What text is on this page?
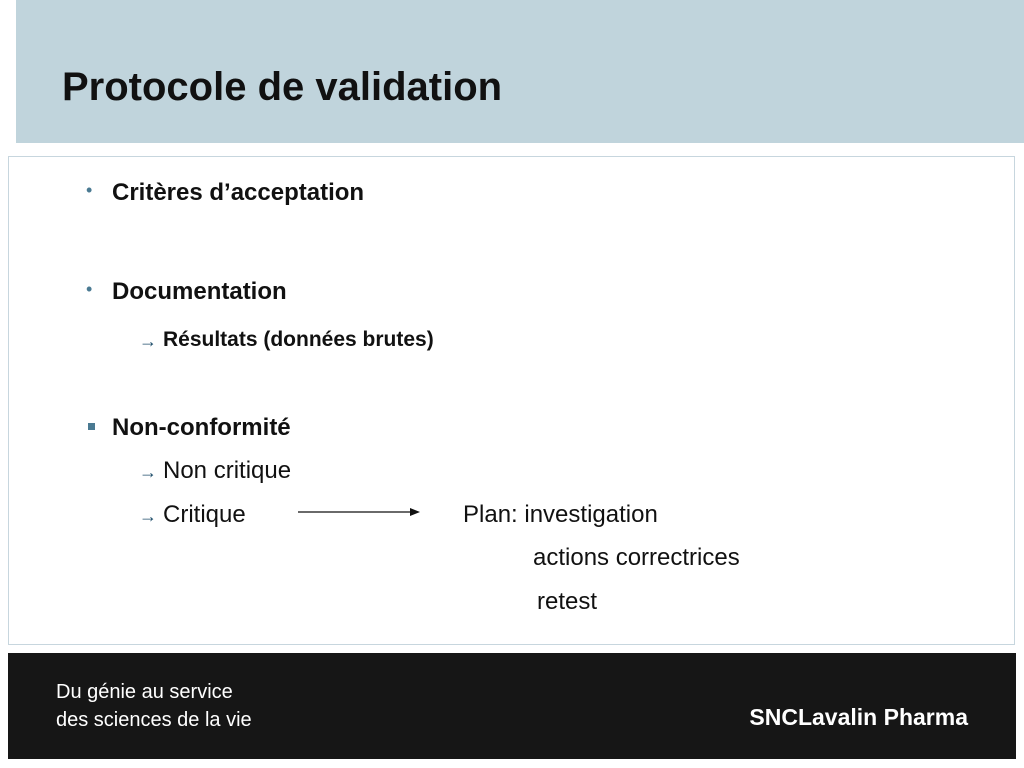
Protocole de validation
• Critères d’acceptation
• Documentation
→ Résultats (données brutes)
Non-conformité
→ Non critique
→ Critique	Plan: investigation
actions correctrices
retest
Du génie au service
des sciences de la vie	SNCLavalin Pharma
